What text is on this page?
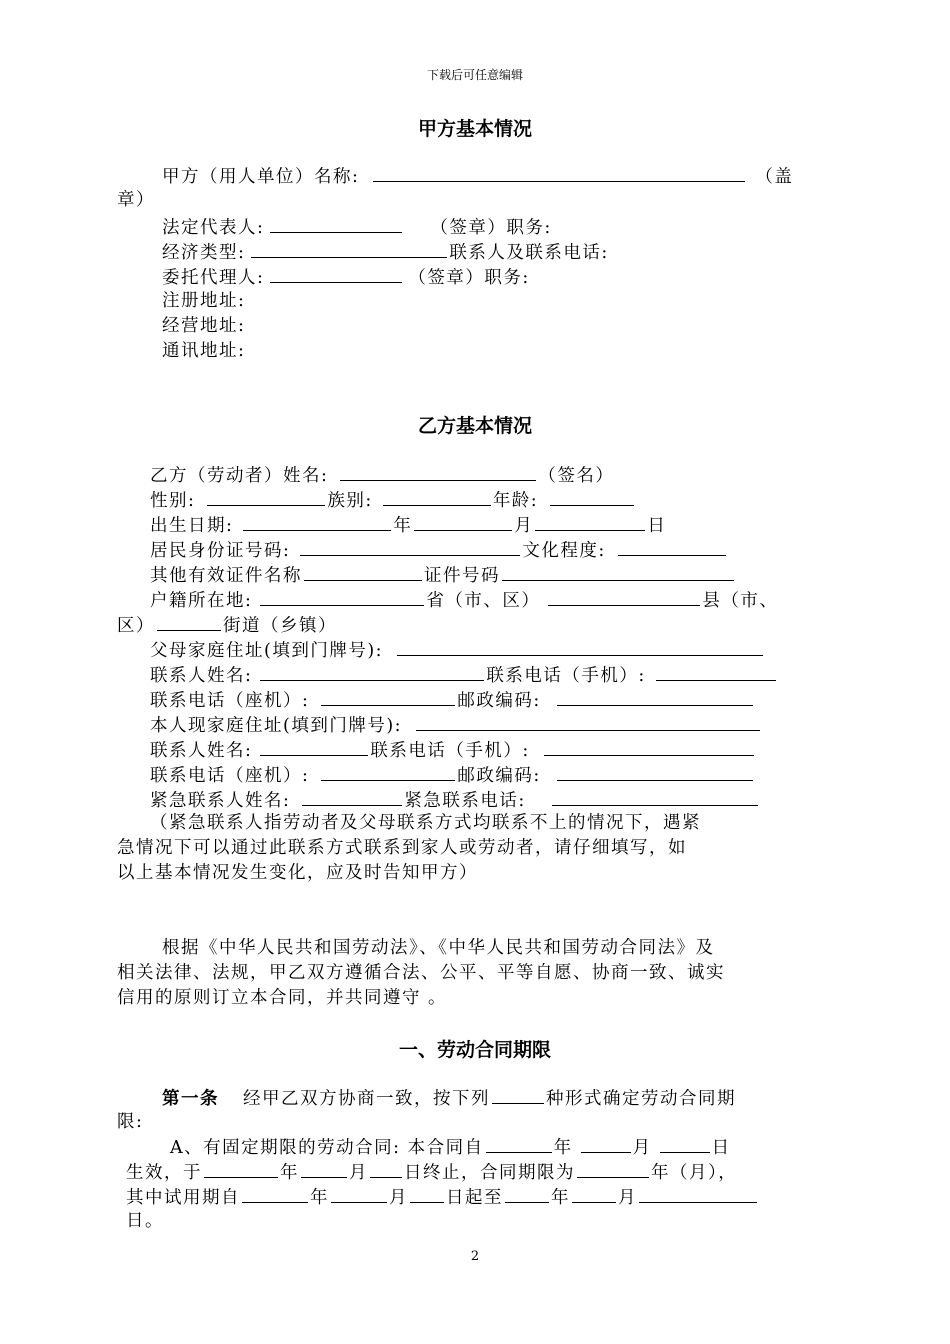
下载后可任意编辑
甲方基本情况
甲方（用人单位）名称:	（盖
章）
法定代表人:	（签章）职务:
经济类型:	联系人及联系电话:
委托代理人:	（签章）职务:
注册地址:
经营地址:
通讯地址:
乙方基本情况
乙方（劳动者）姓名:	（签名）
性别:	族别:	年龄:
出生日期:	年	月	日
居民身份证号码:	文化程度:
其他有效证件名称	证件号码
户籍所在地:	省（市、区）	县（市、
区）	街道（乡镇）
父母家庭住址(填到门牌号):
联系人姓名:	联系电话（手机）:
联系电话（座机）:	邮政编码:
本人现家庭住址(填到门牌号):
联系人姓名:	联系电话（手机）:
联系电话（座机）:	邮政编码:
紧急联系人姓名:	紧急联系电话:
（紧急联系人指劳动者及父母联系方式均联系不上的情况下，遇紧
急情况下可以通过此联系方式联系到家人或劳动者，请仔细填写，如
以上基本情况发生变化，应及时告知甲方）
根据《中华人民共和国劳动法》、《中华人民共和国劳动合同法》及
相关法律、法规，甲乙双方遵循合法、公平、平等自愿、协商一致、诚实
信用的原则订立本合同，并共同遵守 。
一、劳动合同期限
第一条 经甲乙双方协商一致，按下列	种形式确定劳动合同期
限:
A、有固定期限的劳动合同: 本合同自	年	月	日
生效，于	年	月 日终止，合同期限为	年（月），
其中试用期自	年	月 日起至	年	月
日。
2
